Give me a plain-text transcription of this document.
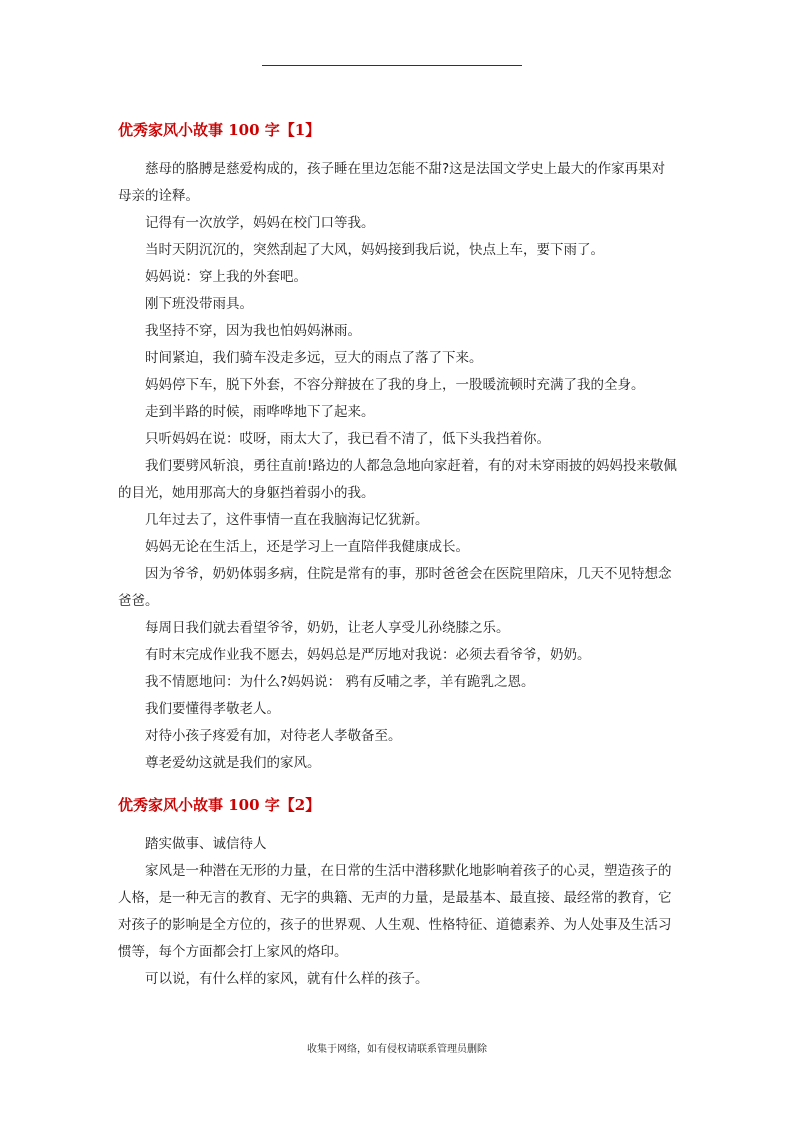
优秀家风小故事 100 字【1】

慈母的胳膊是慈爱构成的，孩子睡在里边怎能不甜?这是法国文学史上最大的作家再果对母亲的诠释。

记得有一次放学，妈妈在校门口等我。

当时天阴沉沉的，突然刮起了大风，妈妈接到我后说，快点上车，要下雨了。

妈妈说：穿上我的外套吧。

刚下班没带雨具。

我坚持不穿，因为我也怕妈妈淋雨。

时间紧迫，我们骑车没走多远，豆大的雨点了落了下来。

妈妈停下车，脱下外套，不容分辩披在了我的身上，一股暖流顿时充满了我的全身。

走到半路的时候，雨哗哗地下了起来。

只听妈妈在说：哎呀，雨太大了，我已看不清了，低下头我挡着你。

我们要劈风斩浪，勇往直前!路边的人都急急地向家赶着，有的对未穿雨披的妈妈投来敬佩的目光，她用那高大的身躯挡着弱小的我。

几年过去了，这件事情一直在我脑海记忆犹新。

妈妈无论在生活上，还是学习上一直陪伴我健康成长。

因为爷爷，奶奶体弱多病，住院是常有的事，那时爸爸会在医院里陪床，几天不见特想念爸爸。

每周日我们就去看望爷爷，奶奶，让老人享受儿孙绕膝之乐。

有时末完成作业我不愿去，妈妈总是严厉地对我说：必须去看爷爷，奶奶。

我不情愿地问：为什么?妈妈说： 鸦有反哺之孝，羊有跪乳之恩。

我们要懂得孝敬老人。

对待小孩子疼爱有加，对待老人孝敬备至。

尊老爱幼这就是我们的家风。

优秀家风小故事 100 字【2】

踏实做事、诚信待人

家风是一种潜在无形的力量，在日常的生活中潜移默化地影响着孩子的心灵，塑造孩子的人格，是一种无言的教育、无字的典籍、无声的力量，是最基本、最直接、最经常的教育，它对孩子的影响是全方位的，孩子的世界观、人生观、性格特征、道德素养、为人处事及生活习惯等，每个方面都会打上家风的烙印。

可以说，有什么样的家风，就有什么样的孩子。

收集于网络，如有侵权请联系管理员删除
